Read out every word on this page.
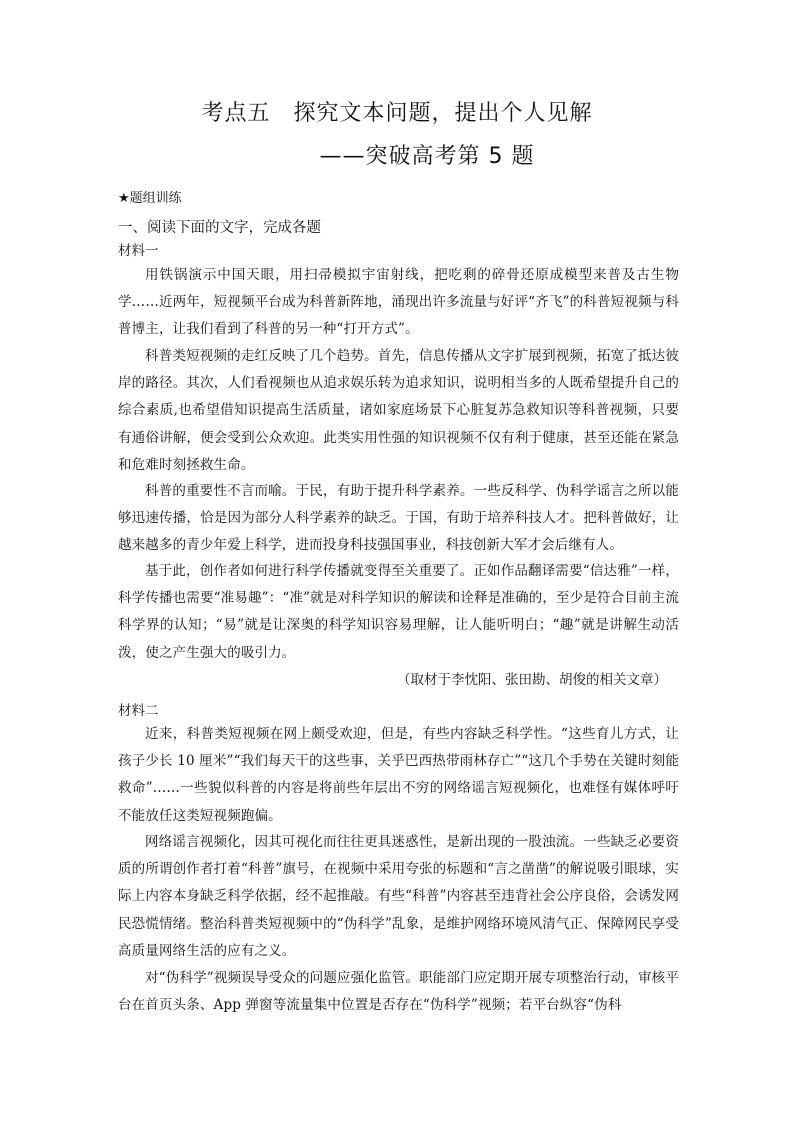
考点五　探究文本问题，提出个人见解
——突破高考第 5 题
★题组训练
一、阅读下面的文字，完成各题
材料一
用铁锅演示中国天眼，用扫帚模拟宇宙射线，把吃剩的碎骨还原成模型来普及古生物学……近两年，短视频平台成为科普新阵地，涌现出许多流量与好评“齐飞”的科普短视频与科普博主，让我们看到了科普的另一种“打开方式”。
科普类短视频的走红反映了几个趋势。首先，信息传播从文字扩展到视频，拓宽了抵达彼岸的路径。其次，人们看视频也从追求娱乐转为追求知识，说明相当多的人既希望提升自己的综合素质,也希望借知识提高生活质量，诸如家庭场景下心脏复苏急救知识等科普视频，只要有通俗讲解，便会受到公众欢迎。此类实用性强的知识视频不仅有利于健康，甚至还能在紧急和危难时刻拯救生命。
科普的重要性不言而喻。于民，有助于提升科学素养。一些反科学、伪科学谣言之所以能够迅速传播，恰是因为部分人科学素养的缺乏。于国，有助于培养科技人才。把科普做好，让越来越多的青少年爱上科学，进而投身科技强国事业，科技创新大军才会后继有人。
基于此，创作者如何进行科学传播就变得至关重要了。正如作品翻译需要“信达雅”一样，科学传播也需要“准易趣”：“准”就是对科学知识的解读和诠释是准确的，至少是符合目前主流科学界的认知；“易”就是让深奥的科学知识容易理解，让人能听明白；“趣”就是讲解生动活泼，使之产生强大的吸引力。
（取材于李忱阳、张田勘、胡俊的相关文章）
材料二
近来，科普类短视频在网上颇受欢迎，但是，有些内容缺乏科学性。“这些育儿方式，让孩子少长 10 厘米”“我们每天干的这些事，关乎巴西热带雨林存亡”“这几个手势在关键时刻能救命”……一些貌似科普的内容是将前些年层出不穷的网络谣言短视频化，也难怪有媒体呼吁不能放任这类短视频跑偏。
网络谣言视频化，因其可视化而往往更具迷惑性，是新出现的一股浊流。一些缺乏必要资质的所谓创作者打着“科普”旗号，在视频中采用夸张的标题和“言之凿凿”的解说吸引眼球，实际上内容本身缺乏科学依据，经不起推敲。有些“科普”内容甚至违背社会公序良俗，会诱发网民恐慌情绪。整治科普类短视频中的“伪科学”乱象，是维护网络环境风清气正、保障网民享受高质量网络生活的应有之义。
对“伪科学”视频误导受众的问题应强化监管。职能部门应定期开展专项整治行动，审核平台在首页头条、App 弹窗等流量集中位置是否存在“伪科学”视频；若平台纵容“伪科
